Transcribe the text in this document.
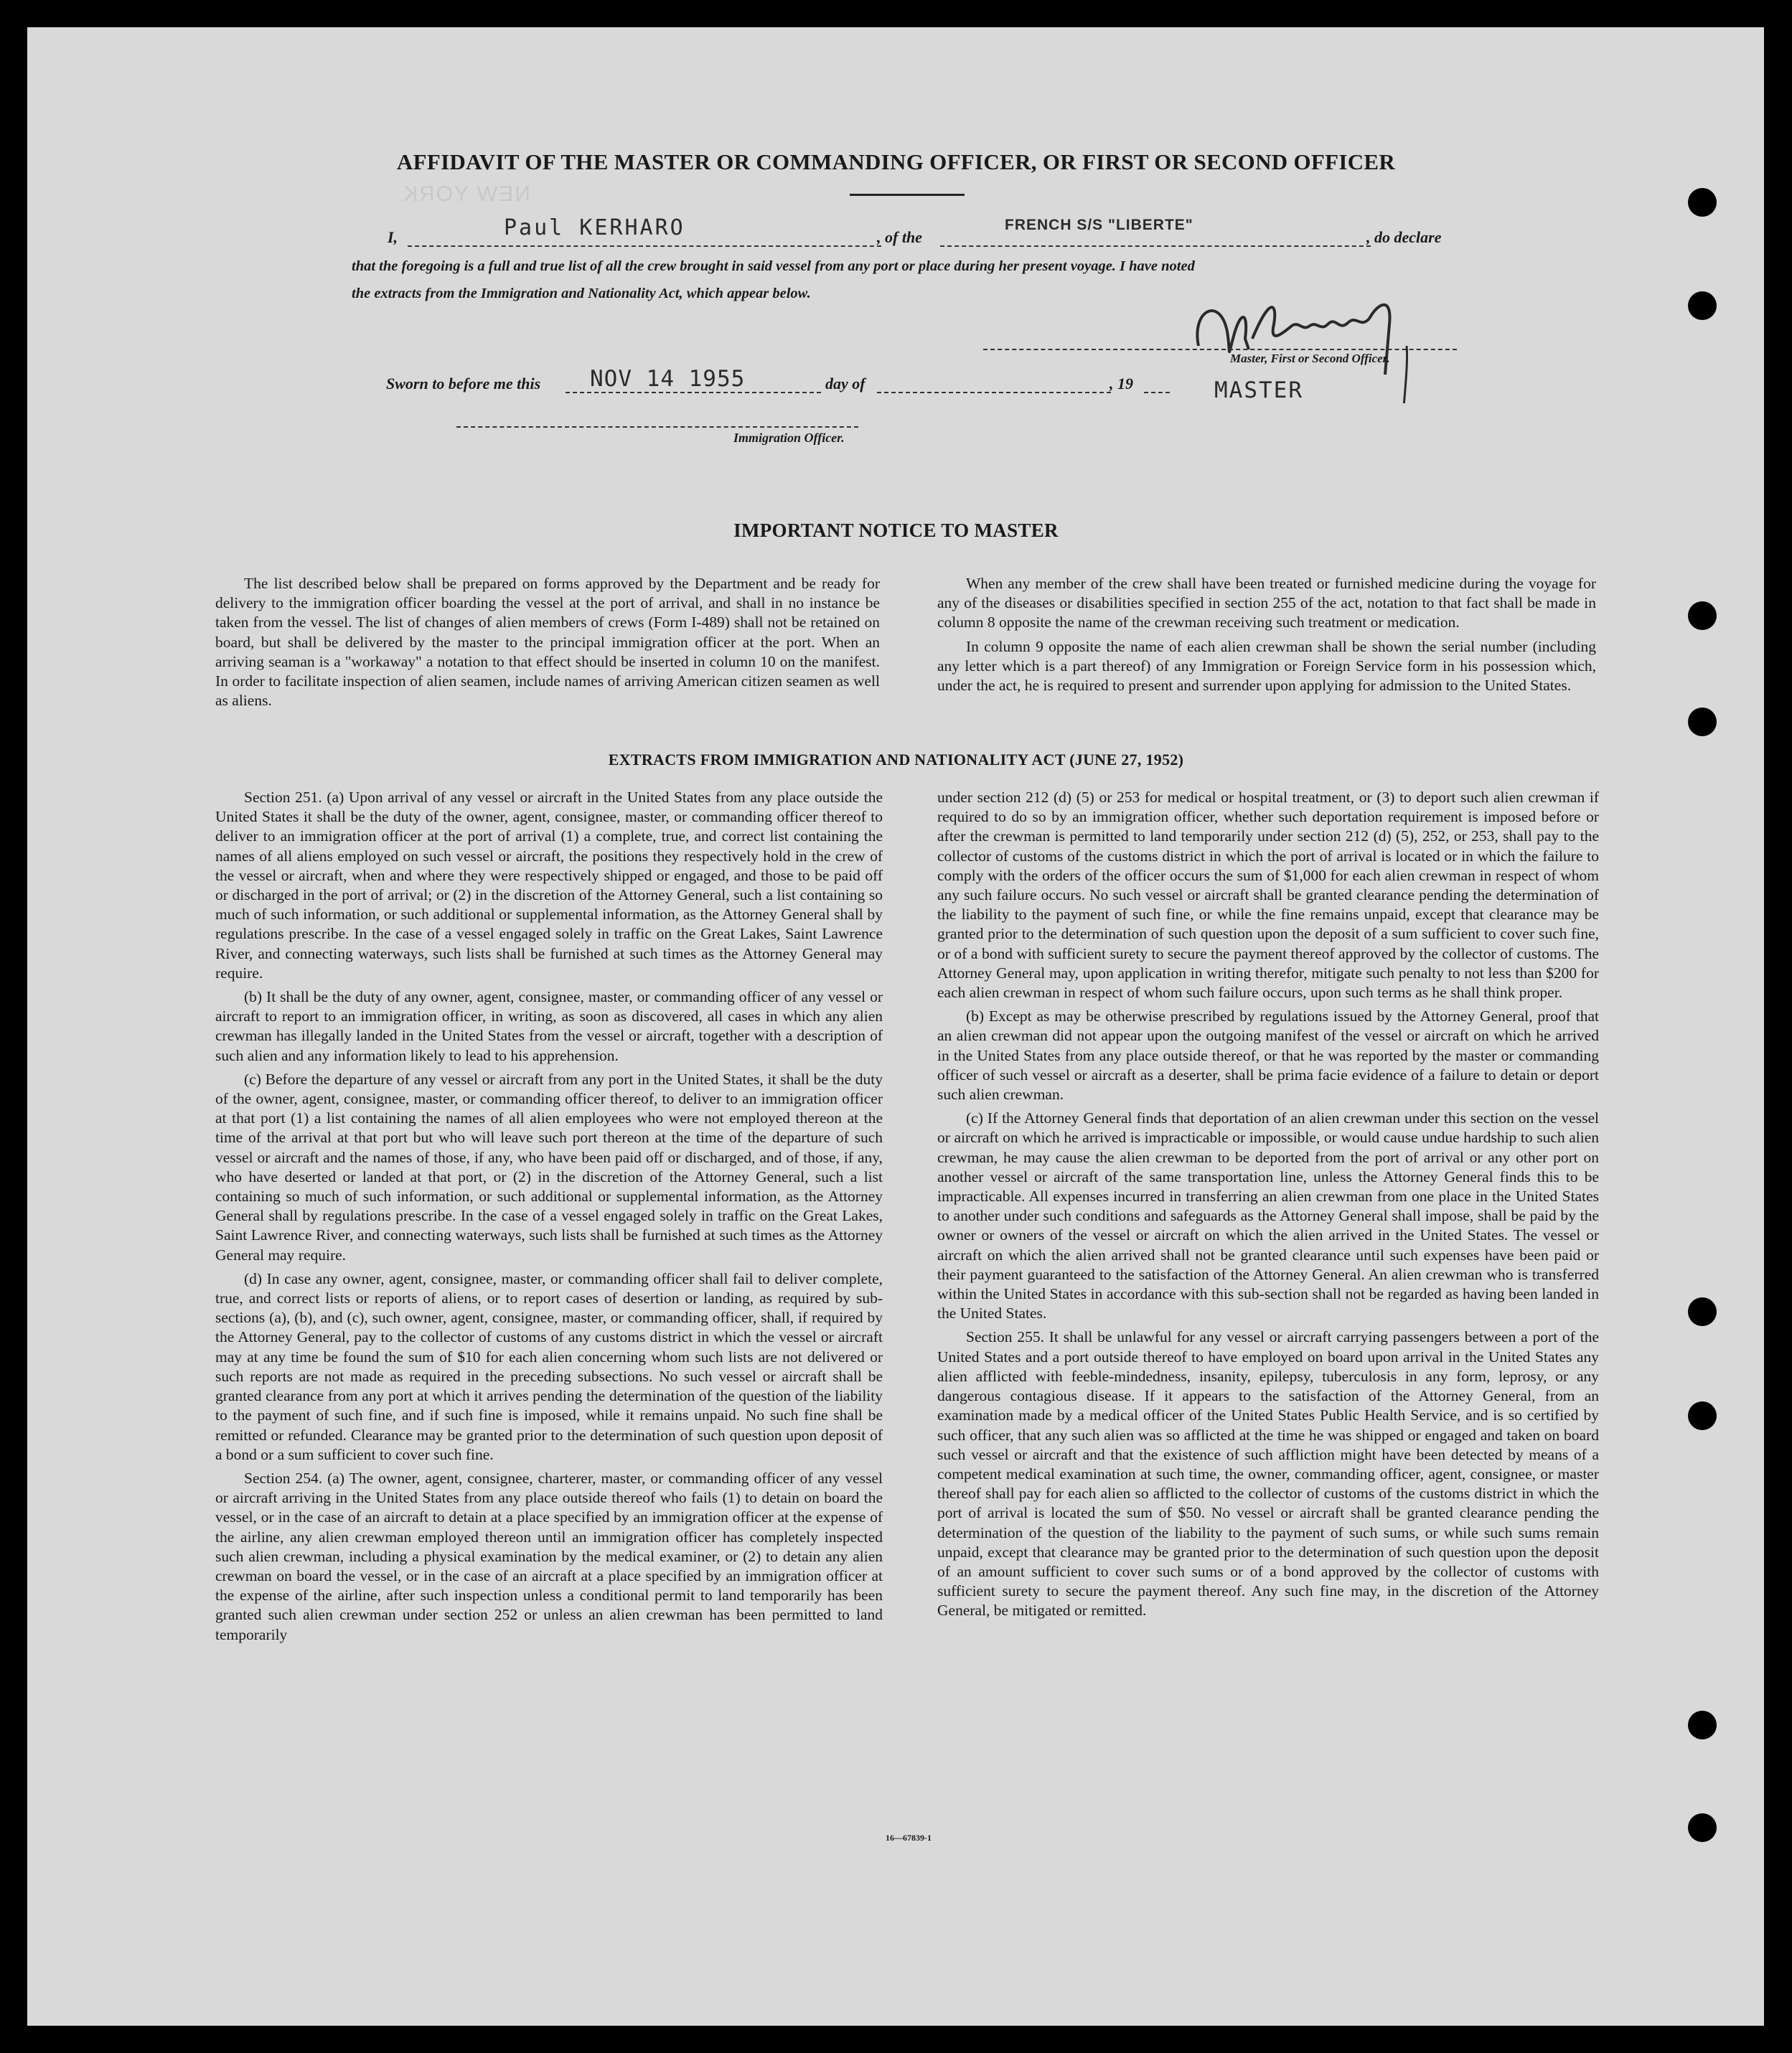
NEW YORK
AFFIDAVIT OF THE MASTER OR COMMANDING OFFICER, OR FIRST OR SECOND OFFICER
I,	Paul KERHARO	, of the
FRENCH S/S "LIBERTE"
, do declare
that the foregoing is a full and true list of all the crew brought in said vessel from any port or place during her present voyage. I have noted
the extracts from the Immigration and Nationality Act, which appear below.
Master, First or Second Officer.
Sworn to before me this NOV 14 1955	day of	, 19	MASTER
Immigration Officer.
IMPORTANT NOTICE TO MASTER

The list described below shall be prepared on forms approved by the Department and be ready for delivery to the immigration officer boarding the vessel at the port of arrival, and shall in no instance be taken from the vessel. The list of changes of alien members of crews (Form I-489) shall not be retained on board, but shall be delivered by the master to the principal immigration officer at the port. When an arriving seaman is a "workaway" a notation to that effect should be inserted in column 10 on the manifest. In order to facilitate inspection of alien seamen, include names of arriving American citizen seamen as well as aliens.

When any member of the crew shall have been treated or furnished medicine during the voyage for any of the diseases or disabilities specified in section 255 of the act, notation to that fact shall be made in column 8 opposite the name of the crewman receiving such treatment or medication.

In column 9 opposite the name of each alien crewman shall be shown the serial number (including any letter which is a part thereof) of any Immigration or Foreign Service form in his possession which, under the act, he is required to present and surrender upon applying for admission to the United States.

EXTRACTS FROM IMMIGRATION AND NATIONALITY ACT (JUNE 27, 1952)

Section 251. (a) Upon arrival of any vessel or aircraft in the United States from any place outside the United States it shall be the duty of the owner, agent, consignee, master, or commanding officer thereof to deliver to an immigration officer at the port of arrival (1) a complete, true, and correct list containing the names of all aliens employed on such vessel or aircraft, the positions they respectively hold in the crew of the vessel or aircraft, when and where they were respectively shipped or engaged, and those to be paid off or discharged in the port of arrival; or (2) in the discretion of the Attorney General, such a list containing so much of such information, or such additional or supplemental information, as the Attorney General shall by regulations prescribe. In the case of a vessel engaged solely in traffic on the Great Lakes, Saint Lawrence River, and connecting waterways, such lists shall be furnished at such times as the Attorney General may require.

(b) It shall be the duty of any owner, agent, consignee, master, or commanding officer of any vessel or aircraft to report to an immigration officer, in writing, as soon as discovered, all cases in which any alien crewman has illegally landed in the United States from the vessel or aircraft, together with a description of such alien and any information likely to lead to his apprehension.

(c) Before the departure of any vessel or aircraft from any port in the United States, it shall be the duty of the owner, agent, consignee, master, or commanding officer thereof, to deliver to an immigration officer at that port (1) a list containing the names of all alien employees who were not employed thereon at the time of the arrival at that port but who will leave such port thereon at the time of the departure of such vessel or aircraft and the names of those, if any, who have been paid off or discharged, and of those, if any, who have deserted or landed at that port, or (2) in the discretion of the Attorney General, such a list containing so much of such information, or such additional or supplemental information, as the Attorney General shall by regulations prescribe. In the case of a vessel engaged solely in traffic on the Great Lakes, Saint Lawrence River, and connecting waterways, such lists shall be furnished at such times as the Attorney General may require.

(d) In case any owner, agent, consignee, master, or commanding officer shall fail to deliver complete, true, and correct lists or reports of aliens, or to report cases of desertion or landing, as required by sub-sections (a), (b), and (c), such owner, agent, consignee, master, or commanding officer, shall, if required by the Attorney General, pay to the collector of customs of any customs district in which the vessel or aircraft may at any time be found the sum of $10 for each alien concerning whom such lists are not delivered or such reports are not made as required in the preceding subsections. No such vessel or aircraft shall be granted clearance from any port at which it arrives pending the determination of the question of the liability to the payment of such fine, and if such fine is imposed, while it remains unpaid. No such fine shall be remitted or refunded. Clearance may be granted prior to the determination of such question upon deposit of a bond or a sum sufficient to cover such fine.

Section 254. (a) The owner, agent, consignee, charterer, master, or commanding officer of any vessel or aircraft arriving in the United States from any place outside thereof who fails (1) to detain on board the vessel, or in the case of an aircraft to detain at a place specified by an immigration officer at the expense of the airline, any alien crewman employed thereon until an immigration officer has completely inspected such alien crewman, including a physical examination by the medical examiner, or (2) to detain any alien crewman on board the vessel, or in the case of an aircraft at a place specified by an immigration officer at the expense of the airline, after such inspection unless a conditional permit to land temporarily has been granted such alien crewman under section 252 or unless an alien crewman has been permitted to land temporarily

under section 212 (d) (5) or 253 for medical or hospital treatment, or (3) to deport such alien crewman if required to do so by an immigration officer, whether such deportation requirement is imposed before or after the crewman is permitted to land temporarily under section 212 (d) (5), 252, or 253, shall pay to the collector of customs of the customs district in which the port of arrival is located or in which the failure to comply with the orders of the officer occurs the sum of $1,000 for each alien crewman in respect of whom any such failure occurs. No such vessel or aircraft shall be granted clearance pending the determination of the liability to the payment of such fine, or while the fine remains unpaid, except that clearance may be granted prior to the determination of such question upon the deposit of a sum sufficient to cover such fine, or of a bond with sufficient surety to secure the payment thereof approved by the collector of customs. The Attorney General may, upon application in writing therefor, mitigate such penalty to not less than $200 for each alien crewman in respect of whom such failure occurs, upon such terms as he shall think proper.

(b) Except as may be otherwise prescribed by regulations issued by the Attorney General, proof that an alien crewman did not appear upon the outgoing manifest of the vessel or aircraft on which he arrived in the United States from any place outside thereof, or that he was reported by the master or commanding officer of such vessel or aircraft as a deserter, shall be prima facie evidence of a failure to detain or deport such alien crewman.

(c) If the Attorney General finds that deportation of an alien crewman under this section on the vessel or aircraft on which he arrived is impracticable or impossible, or would cause undue hardship to such alien crewman, he may cause the alien crewman to be deported from the port of arrival or any other port on another vessel or aircraft of the same transportation line, unless the Attorney General finds this to be impracticable. All expenses incurred in transferring an alien crewman from one place in the United States to another under such conditions and safeguards as the Attorney General shall impose, shall be paid by the owner or owners of the vessel or aircraft on which the alien arrived in the United States. The vessel or aircraft on which the alien arrived shall not be granted clearance until such expenses have been paid or their payment guaranteed to the satisfaction of the Attorney General. An alien crewman who is transferred within the United States in accordance with this sub-section shall not be regarded as having been landed in the United States.

Section 255. It shall be unlawful for any vessel or aircraft carrying passengers between a port of the United States and a port outside thereof to have employed on board upon arrival in the United States any alien afflicted with feeble-mindedness, insanity, epilepsy, tuberculosis in any form, leprosy, or any dangerous contagious disease. If it appears to the satisfaction of the Attorney General, from an examination made by a medical officer of the United States Public Health Service, and is so certified by such officer, that any such alien was so afflicted at the time he was shipped or engaged and taken on board such vessel or aircraft and that the existence of such affliction might have been detected by means of a competent medical examination at such time, the owner, commanding officer, agent, consignee, or master thereof shall pay for each alien so afflicted to the collector of customs of the customs district in which the port of arrival is located the sum of $50. No vessel or aircraft shall be granted clearance pending the determination of the question of the liability to the payment of such sums, or while such sums remain unpaid, except that clearance may be granted prior to the determination of such question upon the deposit of an amount sufficient to cover such sums or of a bond approved by the collector of customs with sufficient surety to secure the payment thereof. Any such fine may, in the discretion of the Attorney General, be mitigated or remitted.

16—67839-1
